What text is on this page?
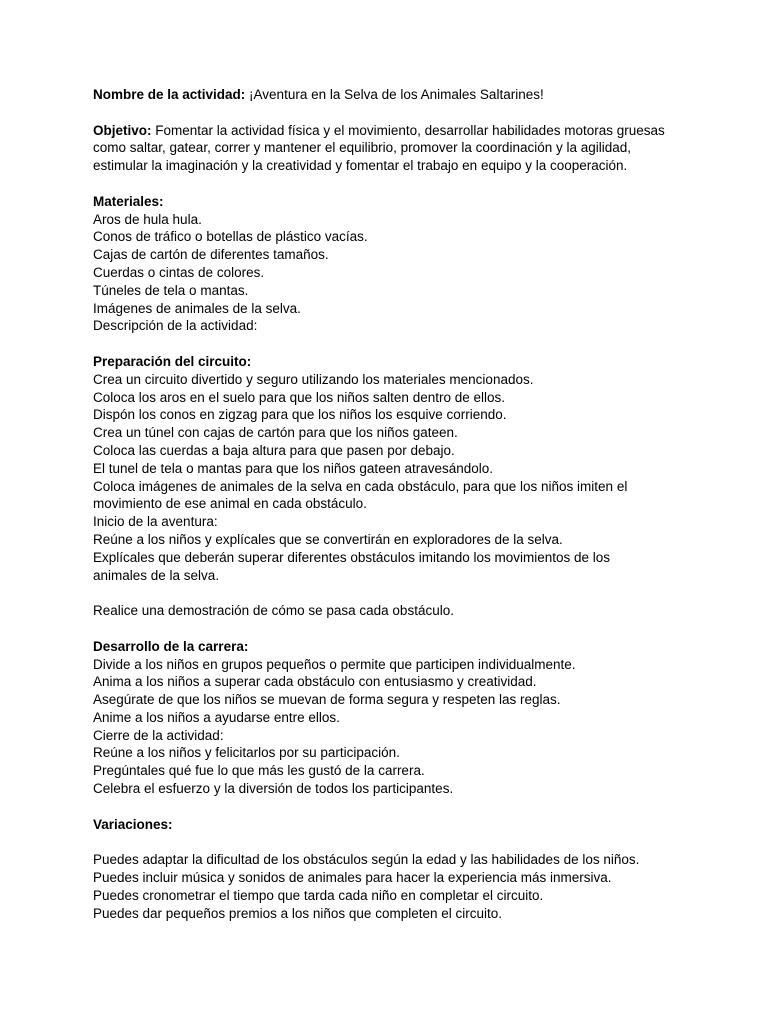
Nombre de la actividad: ¡Aventura en la Selva de los Animales Saltarines!
Objetivo: Fomentar la actividad física y el movimiento, desarrollar habilidades motoras gruesas como saltar, gatear, correr y mantener el equilibrio, promover la coordinación y la agilidad, estimular la imaginación y la creatividad y fomentar el trabajo en equipo y la cooperación.
Materiales:
Aros de hula hula.
Conos de tráfico o botellas de plástico vacías.
Cajas de cartón de diferentes tamaños.
Cuerdas o cintas de colores.
Túneles de tela o mantas.
Imágenes de animales de la selva.
Descripción de la actividad:
Preparación del circuito:
Crea un circuito divertido y seguro utilizando los materiales mencionados.
Coloca los aros en el suelo para que los niños salten dentro de ellos.
Dispón los conos en zigzag para que los niños los esquive corriendo.
Crea un túnel con cajas de cartón para que los niños gateen.
Coloca las cuerdas a baja altura para que pasen por debajo.
El tunel de tela o mantas para que los niños gateen atravesándolo.
Coloca imágenes de animales de la selva en cada obstáculo, para que los niños imiten el movimiento de ese animal en cada obstáculo.
Inicio de la aventura:
Reúne a los niños y explícales que se convertirán en exploradores de la selva.
Explícales que deberán superar diferentes obstáculos imitando los movimientos de los animales de la selva.
Realice una demostración de cómo se pasa cada obstáculo.
Desarrollo de la carrera:
Divide a los niños en grupos pequeños o permite que participen individualmente.
Anima a los niños a superar cada obstáculo con entusiasmo y creatividad.
Asegúrate de que los niños se muevan de forma segura y respeten las reglas.
Anime a los niños a ayudarse entre ellos.
Cierre de la actividad:
Reúne a los niños y felicitarlos por su participación.
Pregúntales qué fue lo que más les gustó de la carrera.
Celebra el esfuerzo y la diversión de todos los participantes.
Variaciones:
Puedes adaptar la dificultad de los obstáculos según la edad y las habilidades de los niños.
Puedes incluir música y sonidos de animales para hacer la experiencia más inmersiva.
Puedes cronometrar el tiempo que tarda cada niño en completar el circuito.
Puedes dar pequeños premios a los niños que completen el circuito.
